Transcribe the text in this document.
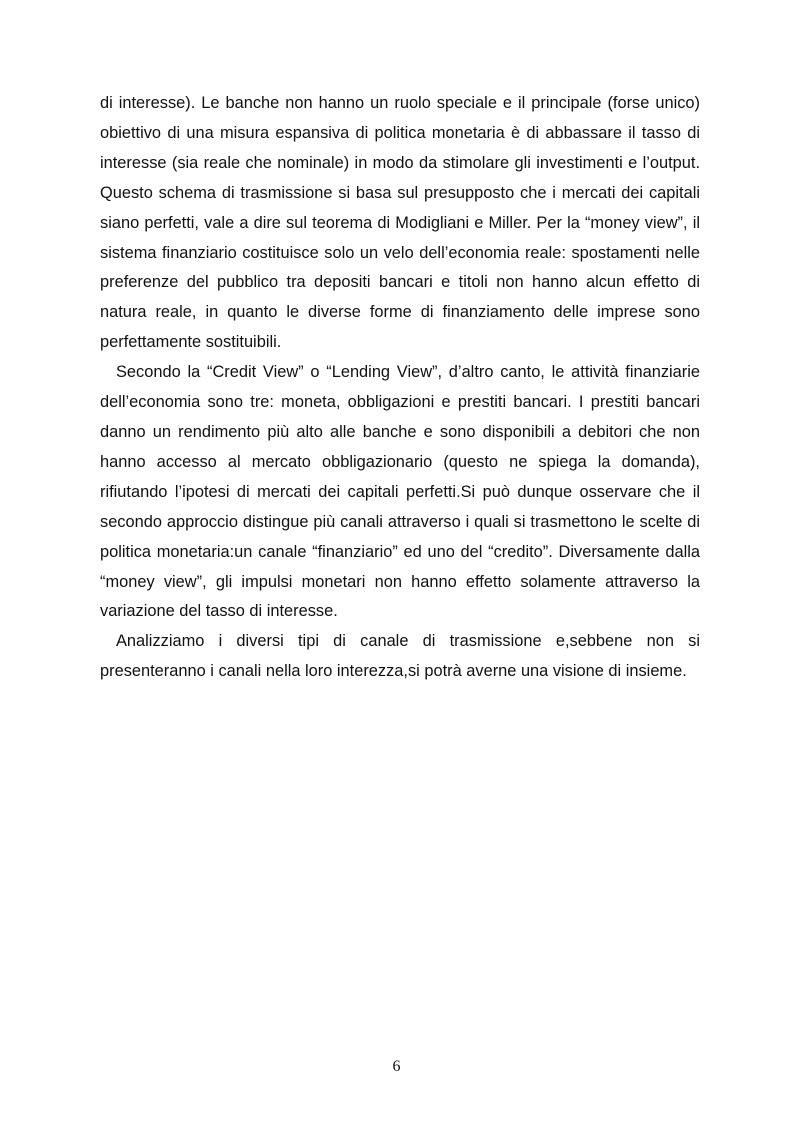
di interesse). Le banche non hanno un ruolo speciale e il principale (forse unico) obiettivo di una misura espansiva di politica monetaria è di abbassare il tasso di interesse (sia reale che nominale) in modo da stimolare gli investimenti e l’output. Questo schema di trasmissione si basa sul presupposto che i mercati dei capitali siano perfetti, vale a dire sul teorema di Modigliani e Miller. Per la “money view”, il sistema finanziario costituisce solo un velo dell’economia reale: spostamenti nelle preferenze del pubblico tra depositi bancari e titoli non hanno alcun effetto di natura reale, in quanto le diverse forme di finanziamento delle imprese sono perfettamente sostituibili.

Secondo la “Credit View” o “Lending View”, d’altro canto, le attività finanziarie dell’economia sono tre: moneta, obbligazioni e prestiti bancari. I prestiti bancari danno un rendimento più alto alle banche e sono disponibili a debitori che non hanno accesso al mercato obbligazionario (questo ne spiega la domanda), rifiutando l’ipotesi di mercati dei capitali perfetti.Si può dunque osservare che il secondo approccio distingue più canali attraverso i quali si trasmettono le scelte di politica monetaria:un canale “finanziario” ed uno del “credito”. Diversamente dalla “money view”, gli impulsi monetari non hanno effetto solamente attraverso la variazione del tasso di interesse.

Analizziamo i diversi tipi di canale di trasmissione e,sebbene non si presenteranno i canali nella loro interezza,si potrà averne una visione di insieme.

6
